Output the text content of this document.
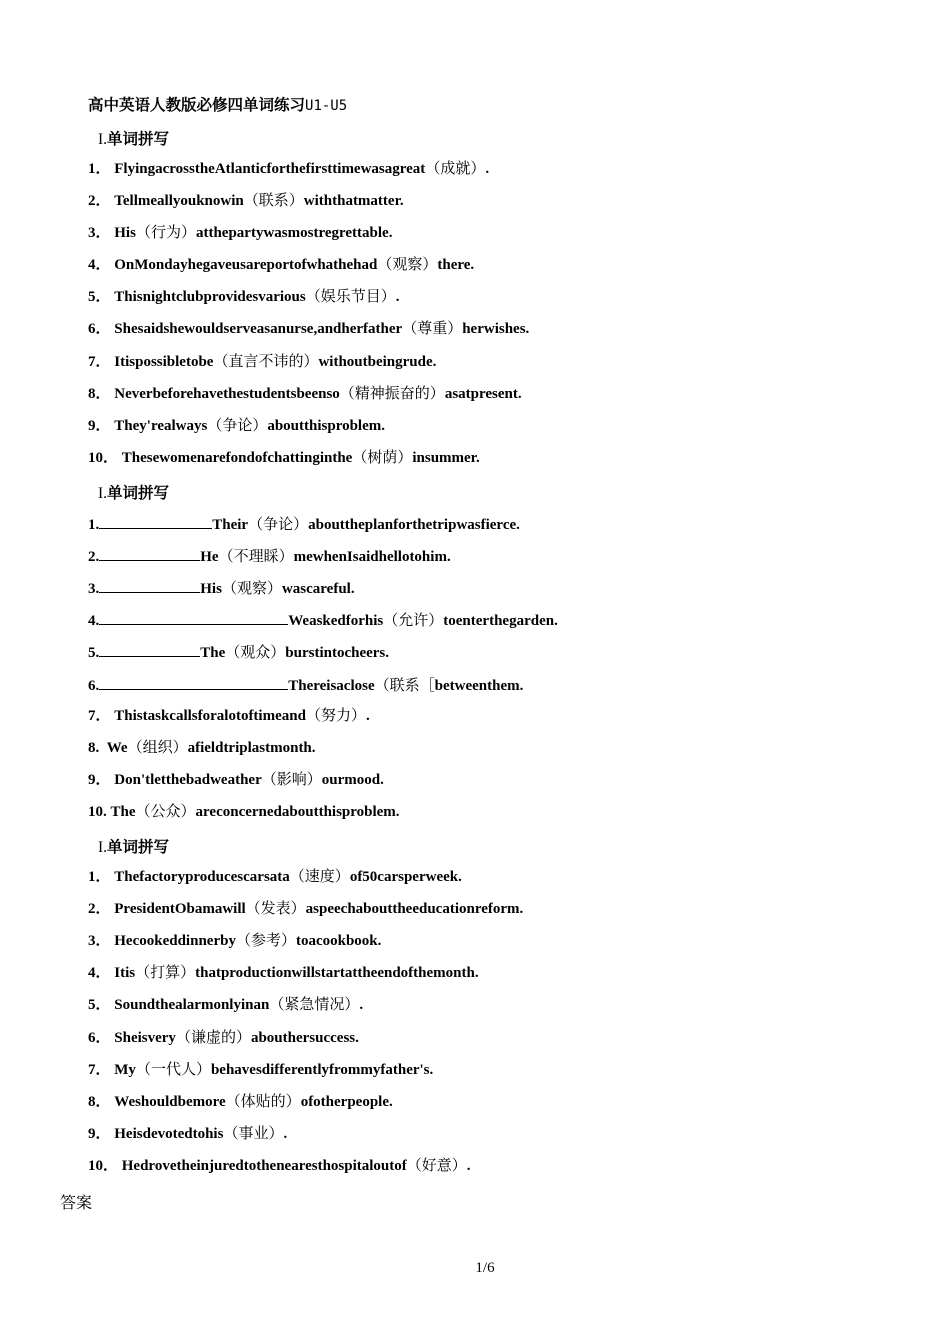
高中英语人教版必修四单词练习U1-U5
I.单词拼写
1． FlyingacrosstheAtlanticforthefirsttimewasagreat（成就）.
2． Tellmeallyouknowin（联系）withthatmatter.
3． His（行为）atthepartywasmostregrettable.
4． OnMondayhegaveusareportofwhathehad（观察）there.
5． Thisnightclubprovidesvarious（娱乐节目）.
6． Shesaidshewouldserveasanurse,andherfather（尊重）herwishes.
7． Itispossibletobe（直言不讳的）withoutbeingrude.
8． Neverbeforehavethestudentsbeenso（精神振奋的）asatpresent.
9． They'realways（争论）aboutthisproblem.
10． Thesewomenarefondofchattinginthe（树荫）insummer.
I.单词拼写
1.	Their（争论）abouttheplanforthetripwasfierce.
2.	He（不理睬）mewhenIsaidhellotohim.
3.	His（观察）wascareful.
4.	Weaskedforhis（允许）toenterthegarden.
5.	The（观众）burstintocheers.
6.	Thereisaclose（联系［betweenthem.
7． Thistaskcallsforalotoftimeand（努力）.
8. We（组织）afieldtriplastmonth.
9． Don'tletthebadweather（影响）ourmood.
10. The（公众）areconcernedaboutthisproblem.
I.单词拼写
1． Thefactoryproducescarsata（速度）of50carsperweek.
2． PresidentObamawill（发表）aspeechabouttheeducationreform.
3． Hecookeddinnerby（参考）toacookbook.
4． Itis（打算）thatproductionwillstartattheendofthemonth.
5． Soundthealarmonlyinan（紧急情况）.
6． Sheisvery（谦虚的）abouthersuccess.
7． My（一代人）behavesdifferentlyfrommyfather's.
8． Weshouldbemore（体贴的）ofotherpeople.
9． Heisdevotedtohis（事业）.
10． Hedrovetheinjuredtothenearesthospitaloutof（好意）.
答案
1/6
